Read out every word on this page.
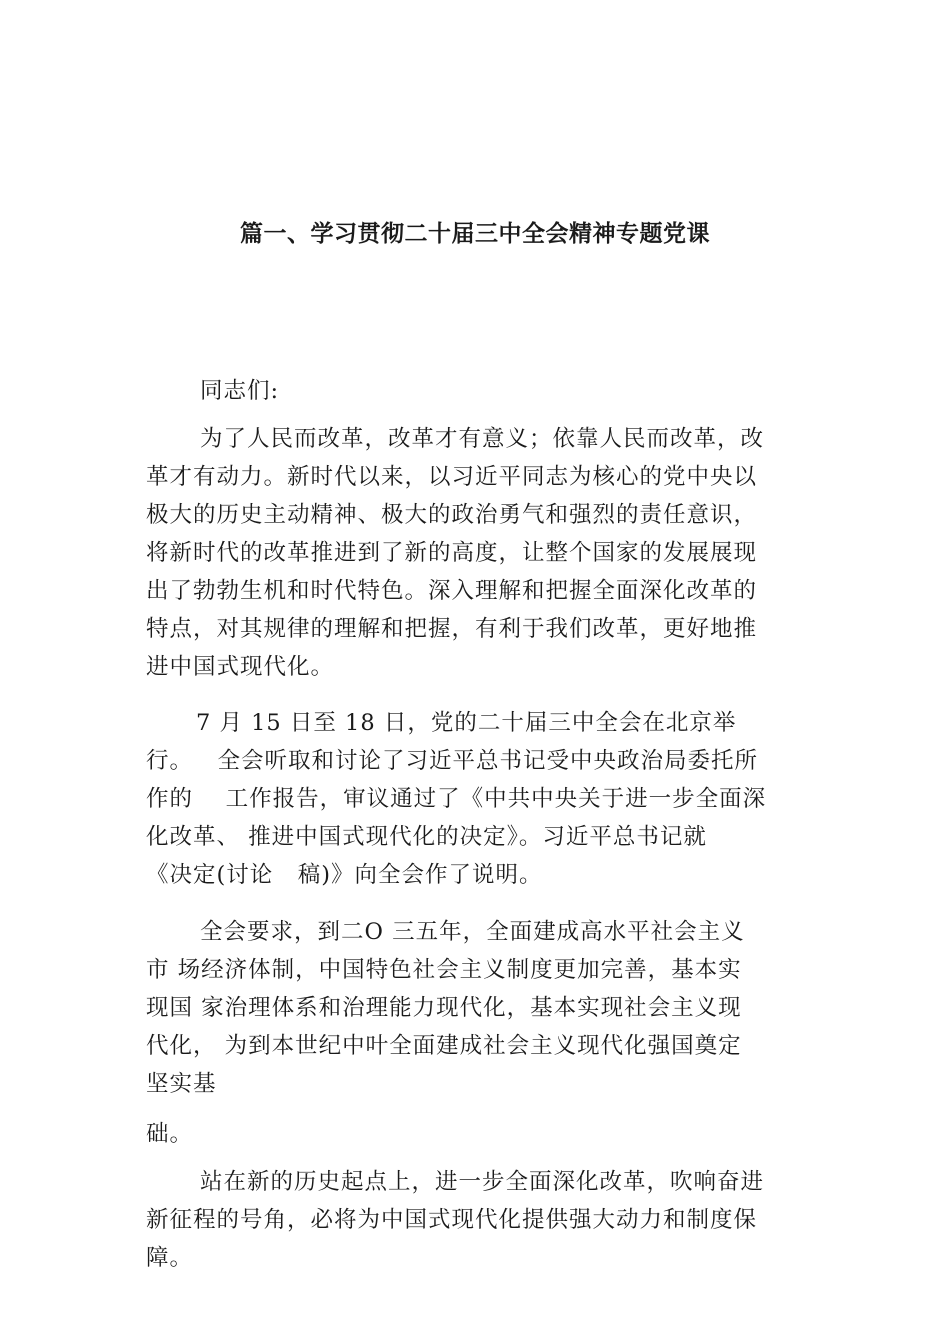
篇一、学习贯彻二十届三中全会精神专题党课
同志们:
为了人民而改革，改革才有意义；依靠人民而改革，改
革才有动力。新时代以来，以习近平同志为核心的党中央以
极大的历史主动精神、极大的政治勇气和强烈的责任意识，
将新时代的改革推进到了新的高度，让整个国家的发展展现
出了勃勃生机和时代特色。深入理解和把握全面深化改革的
特点，对其规律的理解和把握，有利于我们改革，更好地推
进中国式现代化。
7 月 15 日至 18 日，党的二十届三中全会在北京举
行。   全会听取和讨论了习近平总书记受中央政治局委托所
作的    工作报告，审议通过了《中共中央关于进一步全面深
化改革、 推进中国式现代化的决定》。习近平总书记就
《决定(讨论   稿)》向全会作了说明。
全会要求，到二O 三五年，全面建成高水平社会主义
市 场经济体制，中国特色社会主义制度更加完善，基本实
现国 家治理体系和治理能力现代化，基本实现社会主义现
代化， 为到本世纪中叶全面建成社会主义现代化强国奠定
坚实基
础。
站在新的历史起点上，进一步全面深化改革，吹响奋进
新征程的号角，必将为中国式现代化提供强大动力和制度保
障。
